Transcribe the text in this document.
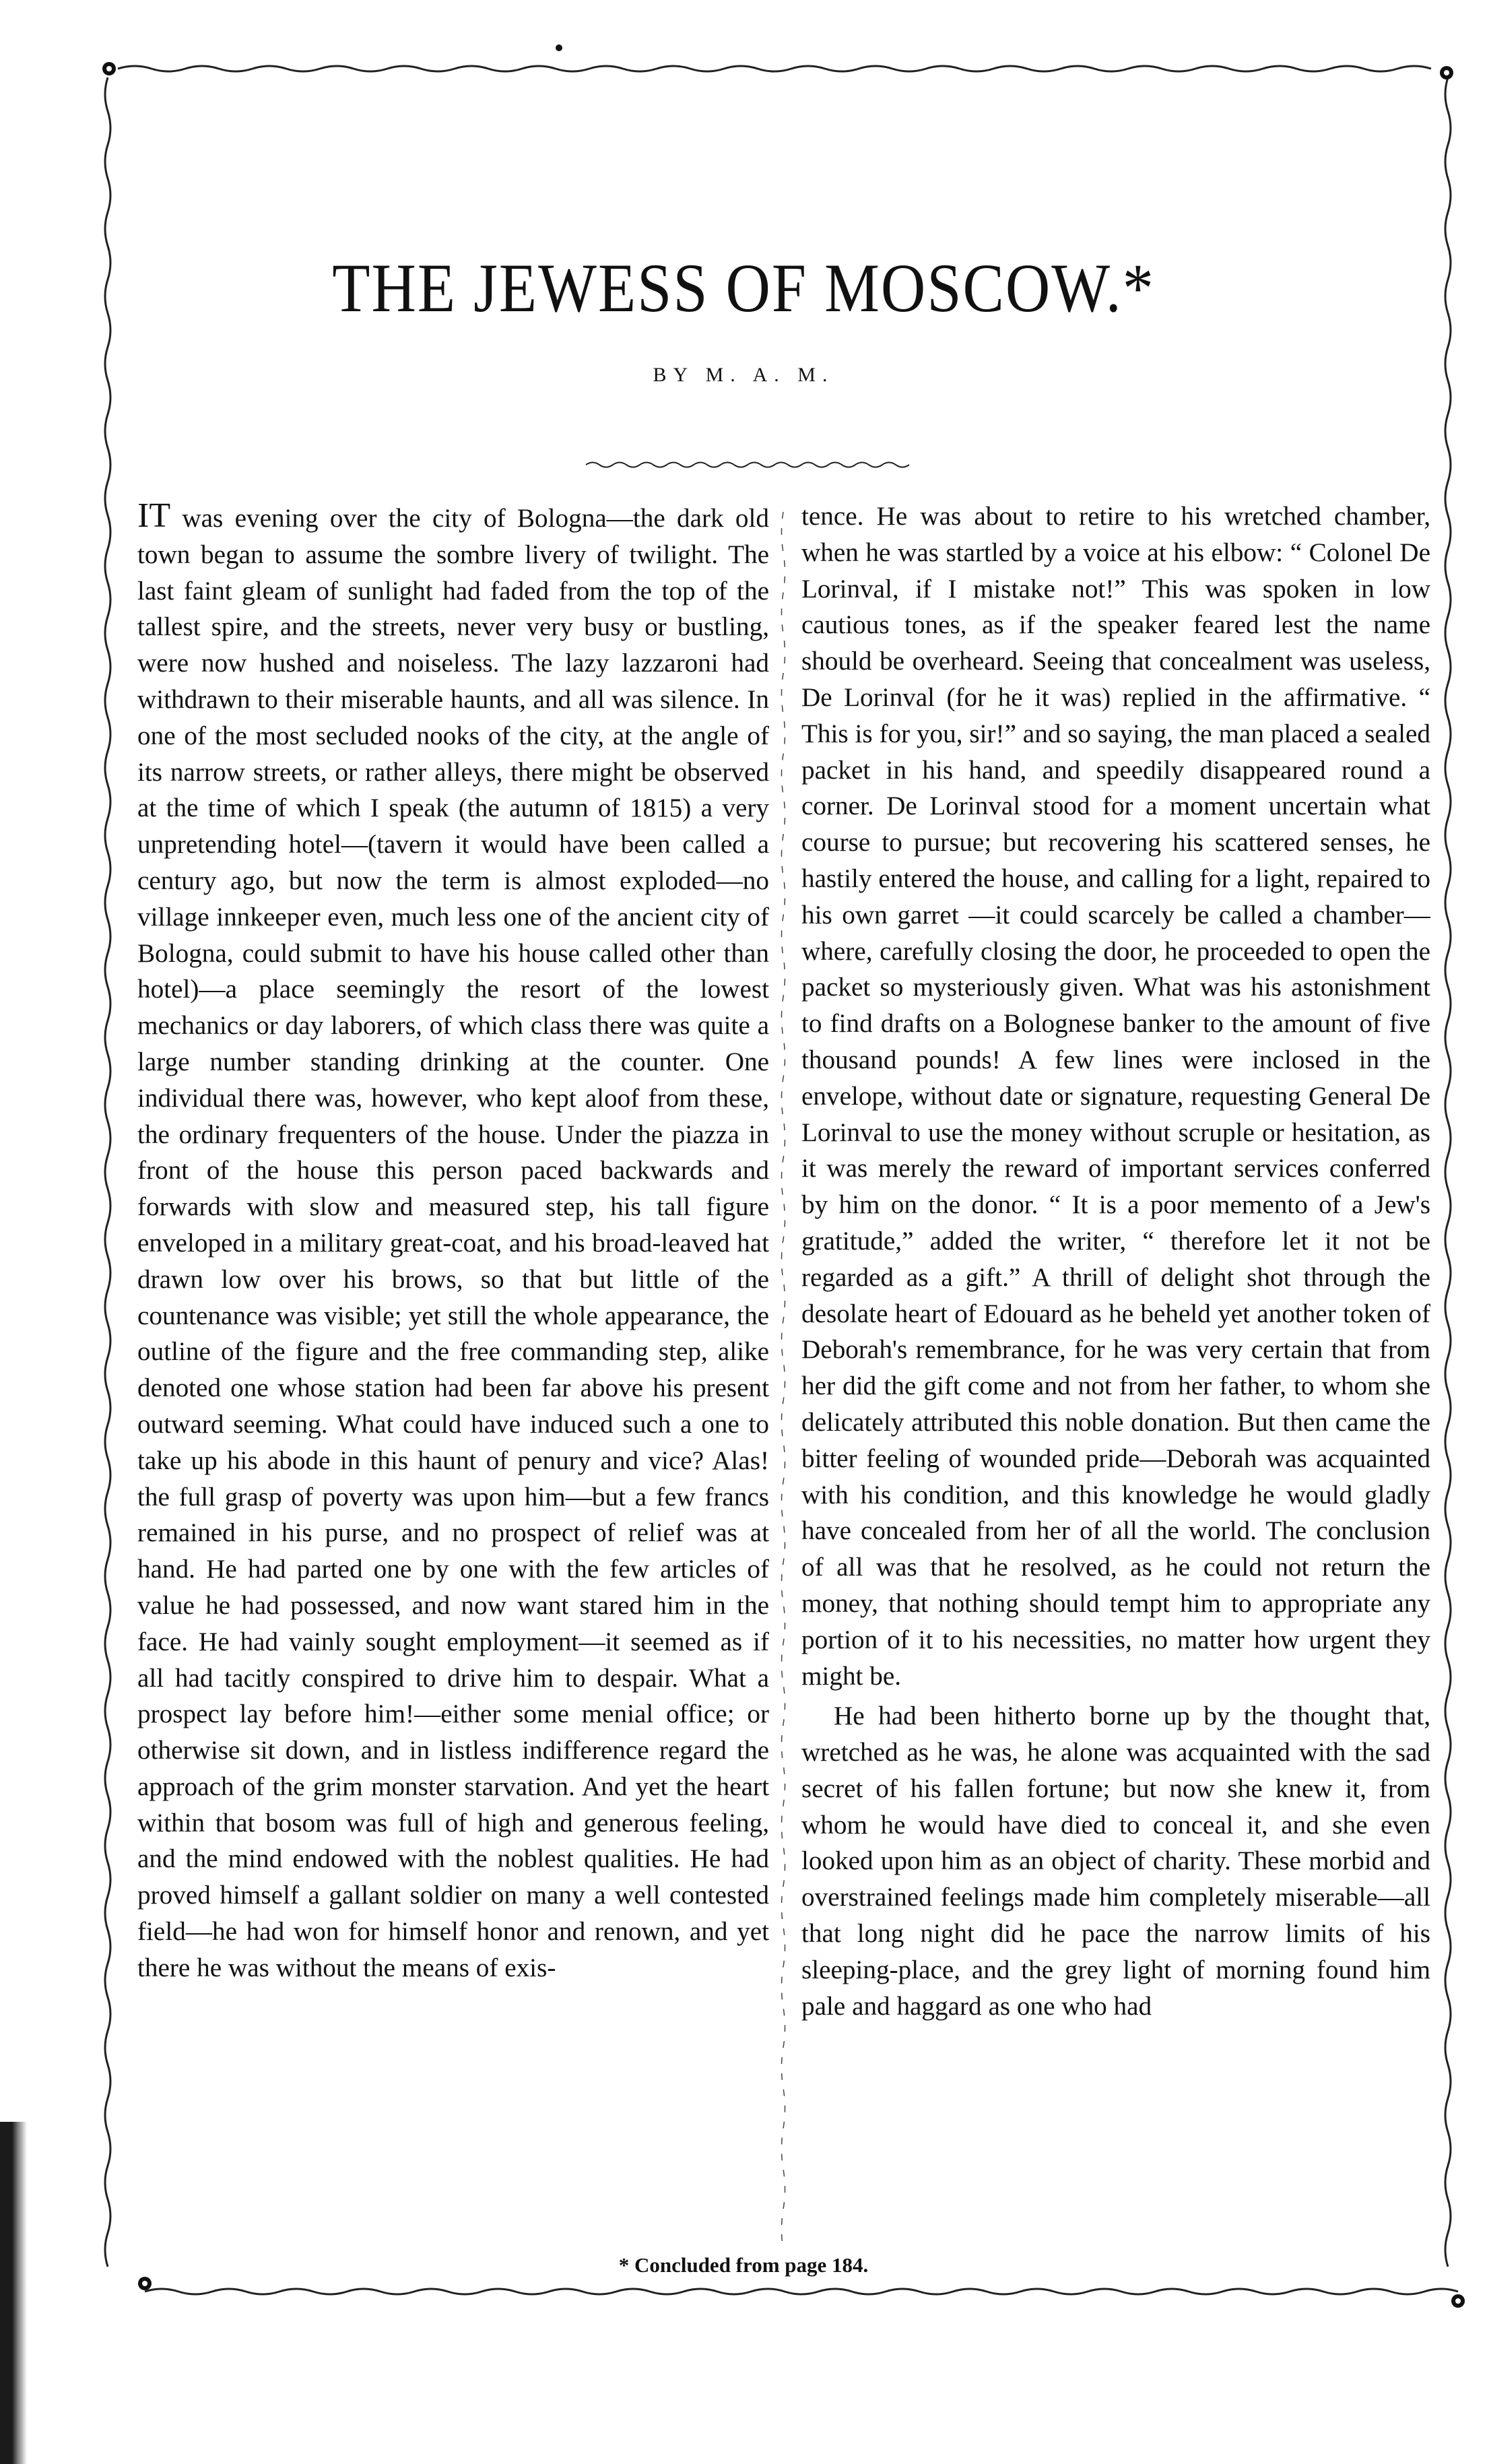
THE JEWESS OF MOSCOW.*
BY M. A. M.

IT was evening over the city of Bologna—the dark old town began to assume the sombre livery of twilight. The last faint gleam of sunlight had faded from the top of the tallest spire, and the streets, never very busy or bustling, were now hushed and noiseless. The lazy lazzaroni had withdrawn to their miserable haunts, and all was silence. In one of the most secluded nooks of the city, at the angle of its narrow streets, or rather alleys, there might be observed at the time of which I speak (the autumn of 1815) a very unpretending hotel—(tavern it would have been called a century ago, but now the term is almost exploded—no village innkeeper even, much less one of the ancient city of Bologna, could submit to have his house called other than hotel)—a place seemingly the resort of the lowest mechanics or day laborers, of which class there was quite a large number standing drinking at the counter. One individual there was, however, who kept aloof from these, the ordinary frequenters of the house. Under the piazza in front of the house this person paced backwards and forwards with slow and measured step, his tall figure enveloped in a military great-coat, and his broad-leaved hat drawn low over his brows, so that but little of the countenance was visible; yet still the whole appearance, the outline of the figure and the free commanding step, alike denoted one whose station had been far above his present outward seeming. What could have induced such a one to take up his abode in this haunt of penury and vice? Alas! the full grasp of poverty was upon him—but a few francs remained in his purse, and no prospect of relief was at hand. He had parted one by one with the few articles of value he had possessed, and now want stared him in the face. He had vainly sought employment—it seemed as if all had tacitly conspired to drive him to despair. What a prospect lay before him!—either some menial office; or otherwise sit down, and in listless indifference regard the approach of the grim monster starvation. And yet the heart within that bosom was full of high and generous feeling, and the mind endowed with the noblest qualities. He had proved himself a gallant soldier on many a well contested field—he had won for himself honor and renown, and yet there he was without the means of exis-

tence. He was about to retire to his wretched chamber, when he was startled by a voice at his elbow: “ Colonel De Lorinval, if I mistake not!” This was spoken in low cautious tones, as if the speaker feared lest the name should be overheard. Seeing that concealment was useless, De Lorinval (for he it was) replied in the affirmative. “ This is for you, sir!” and so saying, the man placed a sealed packet in his hand, and speedily disappeared round a corner. De Lorinval stood for a moment uncertain what course to pursue; but recovering his scattered senses, he hastily entered the house, and calling for a light, repaired to his own garret —it could scarcely be called a chamber—where, carefully closing the door, he proceeded to open the packet so mysteriously given. What was his astonishment to find drafts on a Bolognese banker to the amount of five thousand pounds! A few lines were inclosed in the envelope, without date or signature, requesting General De Lorinval to use the money without scruple or hesitation, as it was merely the reward of important services conferred by him on the donor. “ It is a poor memento of a Jew's gratitude,” added the writer, “ therefore let it not be regarded as a gift.” A thrill of delight shot through the desolate heart of Edouard as he beheld yet another token of Deborah's remembrance, for he was very certain that from her did the gift come and not from her father, to whom she delicately attributed this noble donation. But then came the bitter feeling of wounded pride—Deborah was acquainted with his condition, and this knowledge he would gladly have concealed from her of all the world. The conclusion of all was that he resolved, as he could not return the money, that nothing should tempt him to appropriate any portion of it to his necessities, no matter how urgent they might be.

He had been hitherto borne up by the thought that, wretched as he was, he alone was acquainted with the sad secret of his fallen fortune; but now she knew it, from whom he would have died to conceal it, and she even looked upon him as an object of charity. These morbid and overstrained feelings made him completely miserable—all that long night did he pace the narrow limits of his sleeping-place, and the grey light of morning found him pale and haggard as one who had

* Concluded from page 184.
